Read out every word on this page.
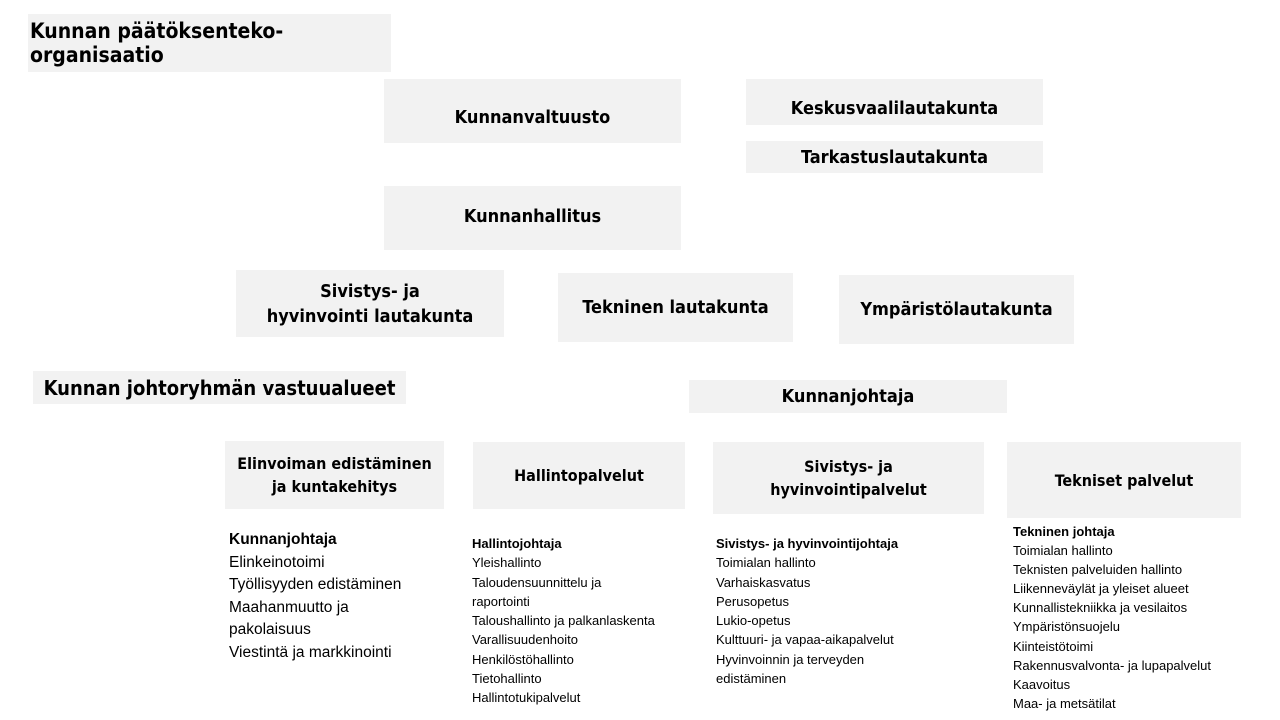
Kunnan päätöksenteko-organisaatio
Kunnanvaltuusto	Keskusvaalilautakunta
Tarkastuslautakunta
Kunnanhallitus
Sivistys- ja
hyvinvointi lautakunta	Tekninen lautakunta	Ympäristölautakunta
Kunnan johtoryhmän vastuualueet	Kunnanjohtaja
Elinvoiman edistäminen
ja kuntakehitys
Hallintopalvelut	Sivistys- ja
hyvinvointipalvelut	Tekniset palvelut
Kunnanjohtaja
Elinkeinotoimi
Työllisyyden edistäminen
Maahanmuutto ja
pakolaisuus
Viestintä ja markkinointi
Hallintojohtaja
Yleishallinto
Taloudensuunnittelu ja
raportointi
Taloushallinto ja palkanlaskenta
Varallisuudenhoito
Henkilöstöhallinto
Tietohallinto
Hallintotukipalvelut
Sivistys- ja hyvinvointijohtaja
Toimialan hallinto
Varhaiskasvatus
Perusopetus
Lukio-opetus
Kulttuuri- ja vapaa-aikapalvelut
Hyvinvoinnin ja terveyden
edistäminen
Tekninen johtaja
Toimialan hallinto
Teknisten palveluiden hallinto
Liikenneväylät ja yleiset alueet
Kunnallistekniikka ja vesilaitos
Ympäristönsuojelu
Kiinteistötoimi
Rakennusvalvonta- ja lupapalvelut
Kaavoitus
Maa- ja metsätilat
